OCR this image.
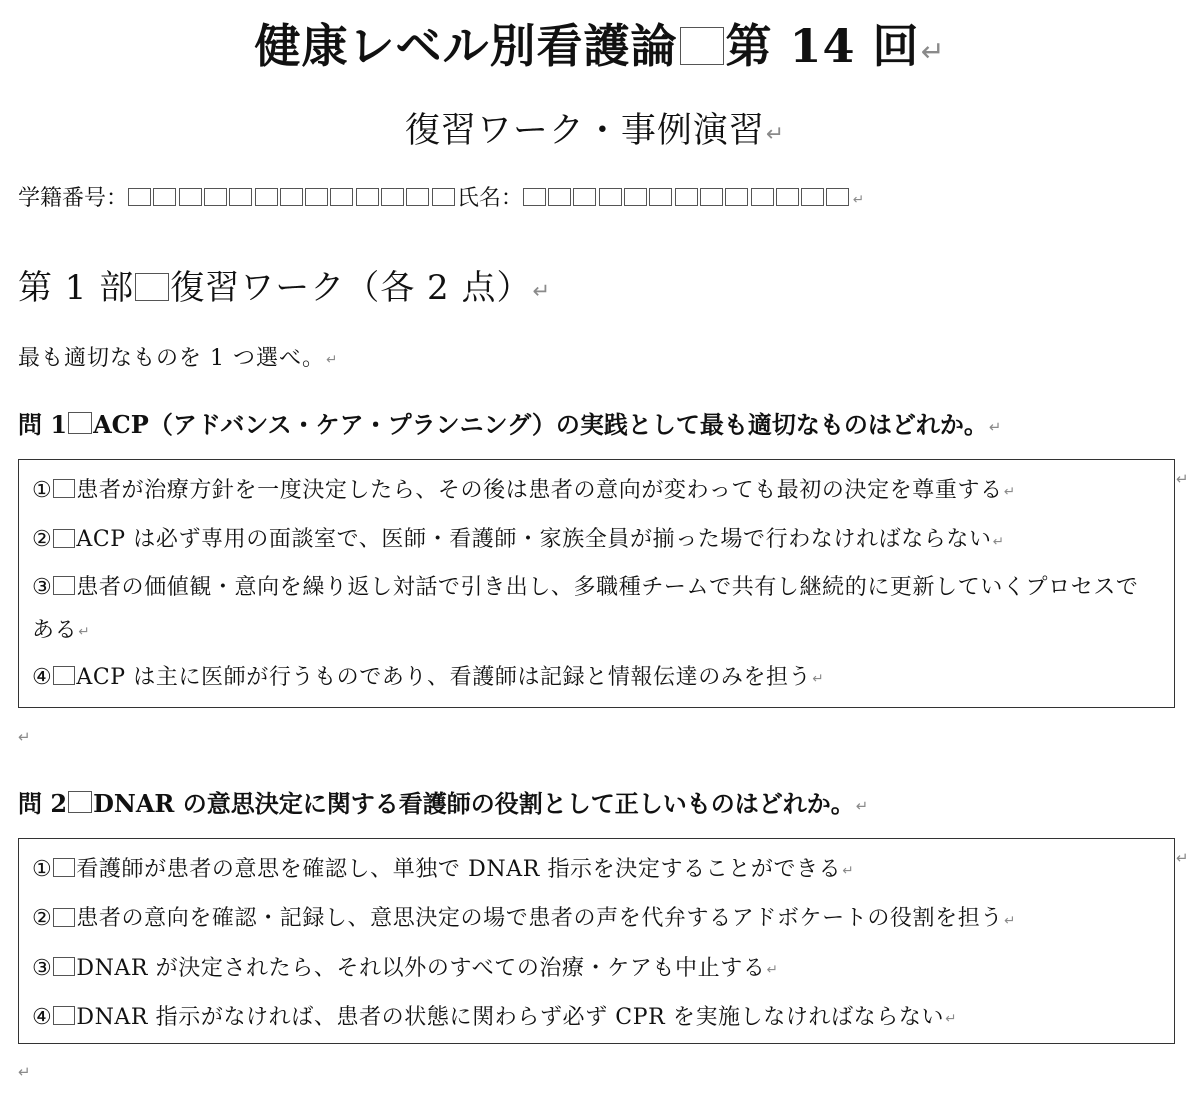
健康レベル別看護論 第 14 回↵
復習ワーク・事例演習↵
学籍番号：	氏名：	↵
第 1 部 復習ワーク（各 2 点）↵
最も適切なものを 1 つ選べ。↵
問 1 ACP（アドバンス・ケア・プランニング）の実践として最も適切なものはどれか。↵
① 患者が治療方針を一度決定したら、その後は患者の意向が変わっても最初の決定を尊重する↵
② ACP は必ず専用の面談室で、医師・看護師・家族全員が揃った場で行わなければならない↵
③ 患者の価値観・意向を繰り返し対話で引き出し、多職種チームで共有し継続的に更新していくプロセスである↵
④ ACP は主に医師が行うものであり、看護師は記録と情報伝達のみを担う↵
↵
↵
問 2 DNAR の意思決定に関する看護師の役割として正しいものはどれか。↵
① 看護師が患者の意思を確認し、単独で DNAR 指示を決定することができる↵
② 患者の意向を確認・記録し、意思決定の場で患者の声を代弁するアドボケートの役割を担う↵
③ DNAR が決定されたら、それ以外のすべての治療・ケアも中止する↵
④ DNAR 指示がなければ、患者の状態に関わらず必ず CPR を実施しなければならない↵
↵
↵
